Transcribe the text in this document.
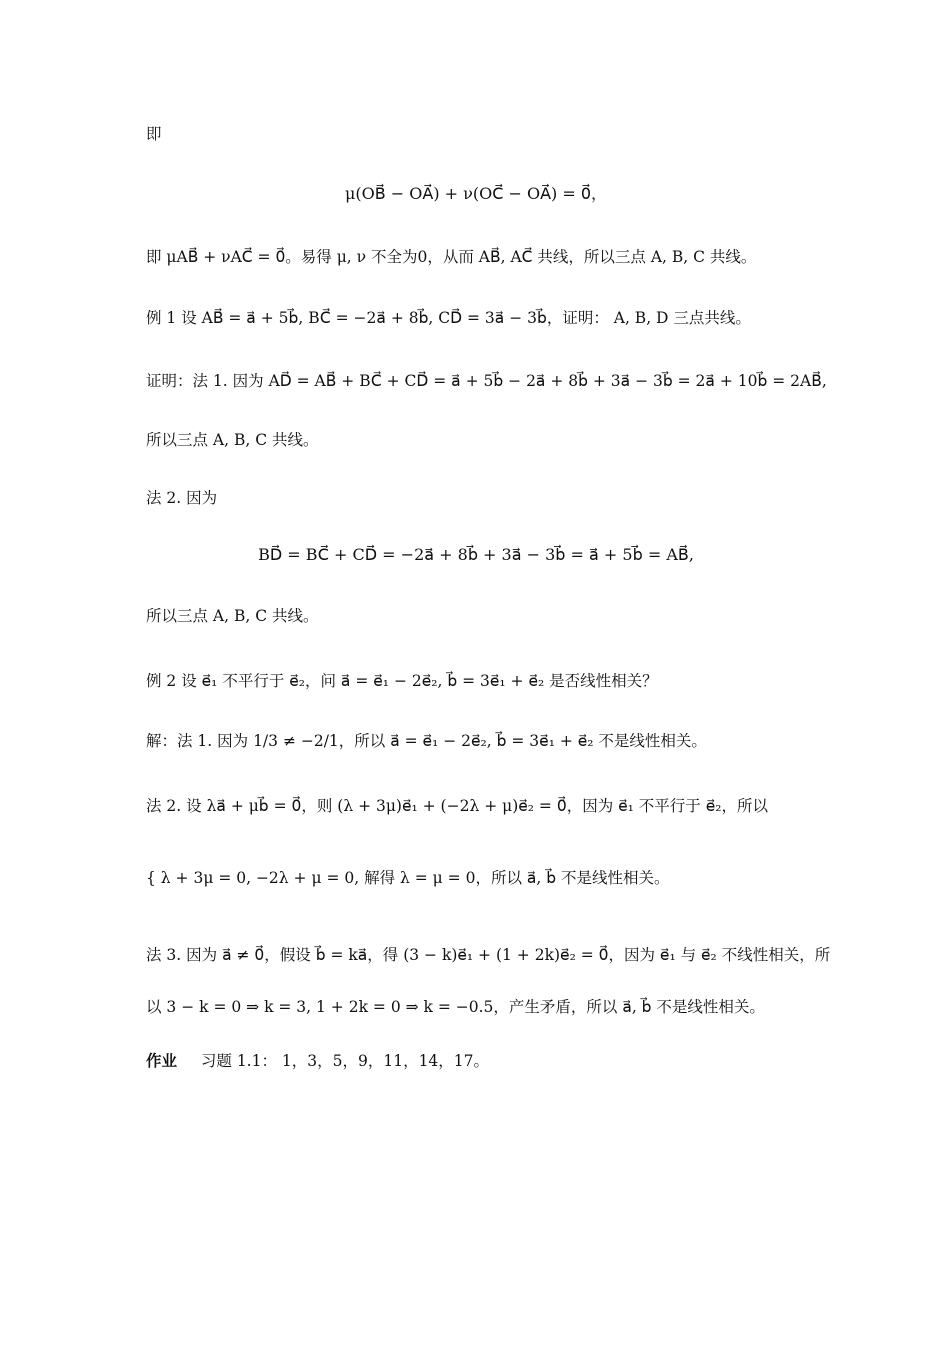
即
μ(OB⃗ − OA⃗) + ν(OC⃗ − OA⃗) = 0⃗，
即 μAB⃗ + νAC⃗ = 0⃗。易得 μ, ν 不全为0，从而 AB⃗, AC⃗ 共线，所以三点 A, B, C 共线。
例 1 设 AB⃗ = a⃗ + 5b⃗, BC⃗ = −2a⃗ + 8b⃗, CD⃗ = 3a⃗ − 3b⃗，证明： A, B, D 三点共线。
证明：法 1. 因为 AD⃗ = AB⃗ + BC⃗ + CD⃗ = a⃗ + 5b⃗ − 2a⃗ + 8b⃗ + 3a⃗ − 3b⃗ = 2a⃗ + 10b⃗ = 2AB⃗,
所以三点 A, B, C 共线。
法 2. 因为
BD⃗ = BC⃗ + CD⃗ = −2a⃗ + 8b⃗ + 3a⃗ − 3b⃗ = a⃗ + 5b⃗ = AB⃗,
所以三点 A, B, C 共线。
例 2 设 e⃗₁ 不平行于 e⃗₂，问 a⃗ = e⃗₁ − 2e⃗₂, b⃗ = 3e⃗₁ + e⃗₂ 是否线性相关？
解：法 1. 因为 1/3 ≠ −2/1，所以 a⃗ = e⃗₁ − 2e⃗₂, b⃗ = 3e⃗₁ + e⃗₂ 不是线性相关。
法 2. 设 λa⃗ + μb⃗ = 0⃗，则 (λ + 3μ)e⃗₁ + (−2λ + μ)e⃗₂ = 0⃗，因为 e⃗₁ 不平行于 e⃗₂，所以
{ λ + 3μ = 0, −2λ + μ = 0, 解得 λ = μ = 0，所以 a⃗, b⃗ 不是线性相关。
法 3. 因为 a⃗ ≠ 0⃗，假设 b⃗ = ka⃗，得 (3 − k)e⃗₁ + (1 + 2k)e⃗₂ = 0⃗，因为 e⃗₁ 与 e⃗₂ 不线性相关，所
以 3 − k = 0 ⇒ k = 3, 1 + 2k = 0 ⇒ k = −0.5，产生矛盾，所以 a⃗, b⃗ 不是线性相关。
作业 习题 1.1： 1，3，5，9，11，14，17。
